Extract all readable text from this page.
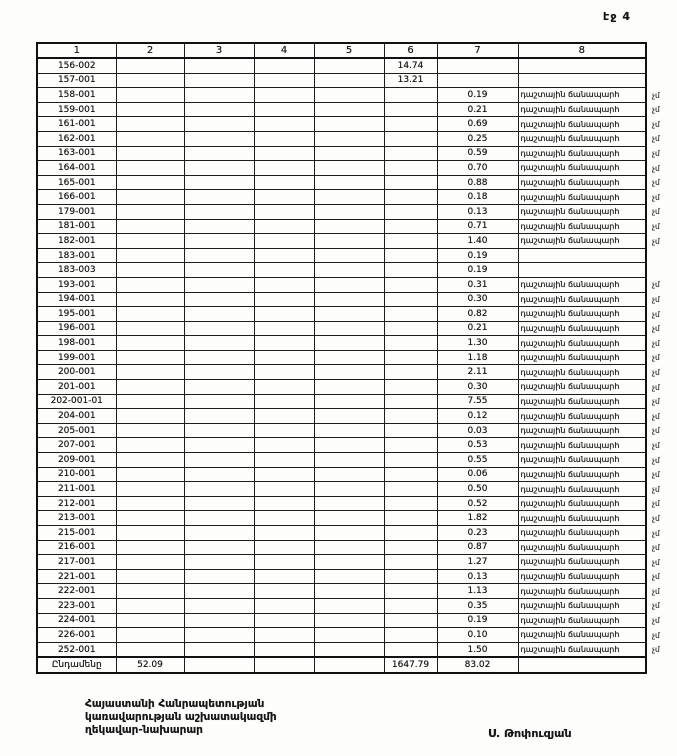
էջ 4
1	2	3	4	5	6	7	8
156-002					14.74		
157-001					13.21		
158-001						0.19	դաշտային ճանապարհ չմ

159-001						0.21	դաշտային ճանապարհ չմ

161-001						0.69	դաշտային ճանապարհ չմ

162-001						0.25	դաշտային ճանապարհ չմ

163-001						0.59	դաշտային ճանապարհ չմ

164-001						0.70	դաշտային ճանապարհ չմ

165-001						0.88	դաշտային ճանապարհ չմ

166-001						0.18	դաշտային ճանապարհ չմ

179-001						0.13	դաշտային ճանապարհ չմ

181-001						0.71	դաշտային ճանապարհ չմ

182-001						1.40	դաշտային ճանապարհ չմ

183-001						0.19	
183-003						0.19	
193-001						0.31	դաշտային ճանապարհ չմ

194-001						0.30	դաշտային ճանապարհ չմ

195-001						0.82	դաշտային ճանապարհ չմ

196-001						0.21	դաշտային ճանապարհ չմ

198-001						1.30	դաշտային ճանապարհ չմ

199-001						1.18	դաշտային ճանապարհ չմ

200-001						2.11	դաշտային ճանապարհ չմ

201-001						0.30	դաշտային ճանապարհ չմ

202-001-01						7.55	դաշտային ճանապարհ չմ

204-001						0.12	դաշտային ճանապարհ չմ

205-001						0.03	դաշտային ճանապարհ չմ

207-001						0.53	դաշտային ճանապարհ չմ

209-001						0.55	դաշտային ճանապարհ չմ

210-001						0.06	դաշտային ճանապարհ չմ

211-001						0.50	դաշտային ճանապարհ չմ

212-001						0.52	դաշտային ճանապարհ չմ

213-001						1.82	դաշտային ճանապարհ չմ

215-001						0.23	դաշտային ճանապարհ չմ

216-001						0.87	դաշտային ճանապարհ չմ

217-001						1.27	դաշտային ճանապարհ չմ

221-001						0.13	դաշտային ճանապարհ չմ

222-001						1.13	դաշտային ճանապարհ չմ

223-001						0.35	դաշտային ճանապարհ չմ

224-001						0.19	դաշտային ճանապարհ չմ

226-001						0.10	դաշտային ճանապարհ չմ

252-001						1.50	դաշտային ճանապարհ չմ

Ընդամենը	52.09				1647.79	83.02	
Հայաստանի Հանրապետության
կառավարության աշխատակազմի
ղեկավար-նախարար	Ս. Թոփուզյան
